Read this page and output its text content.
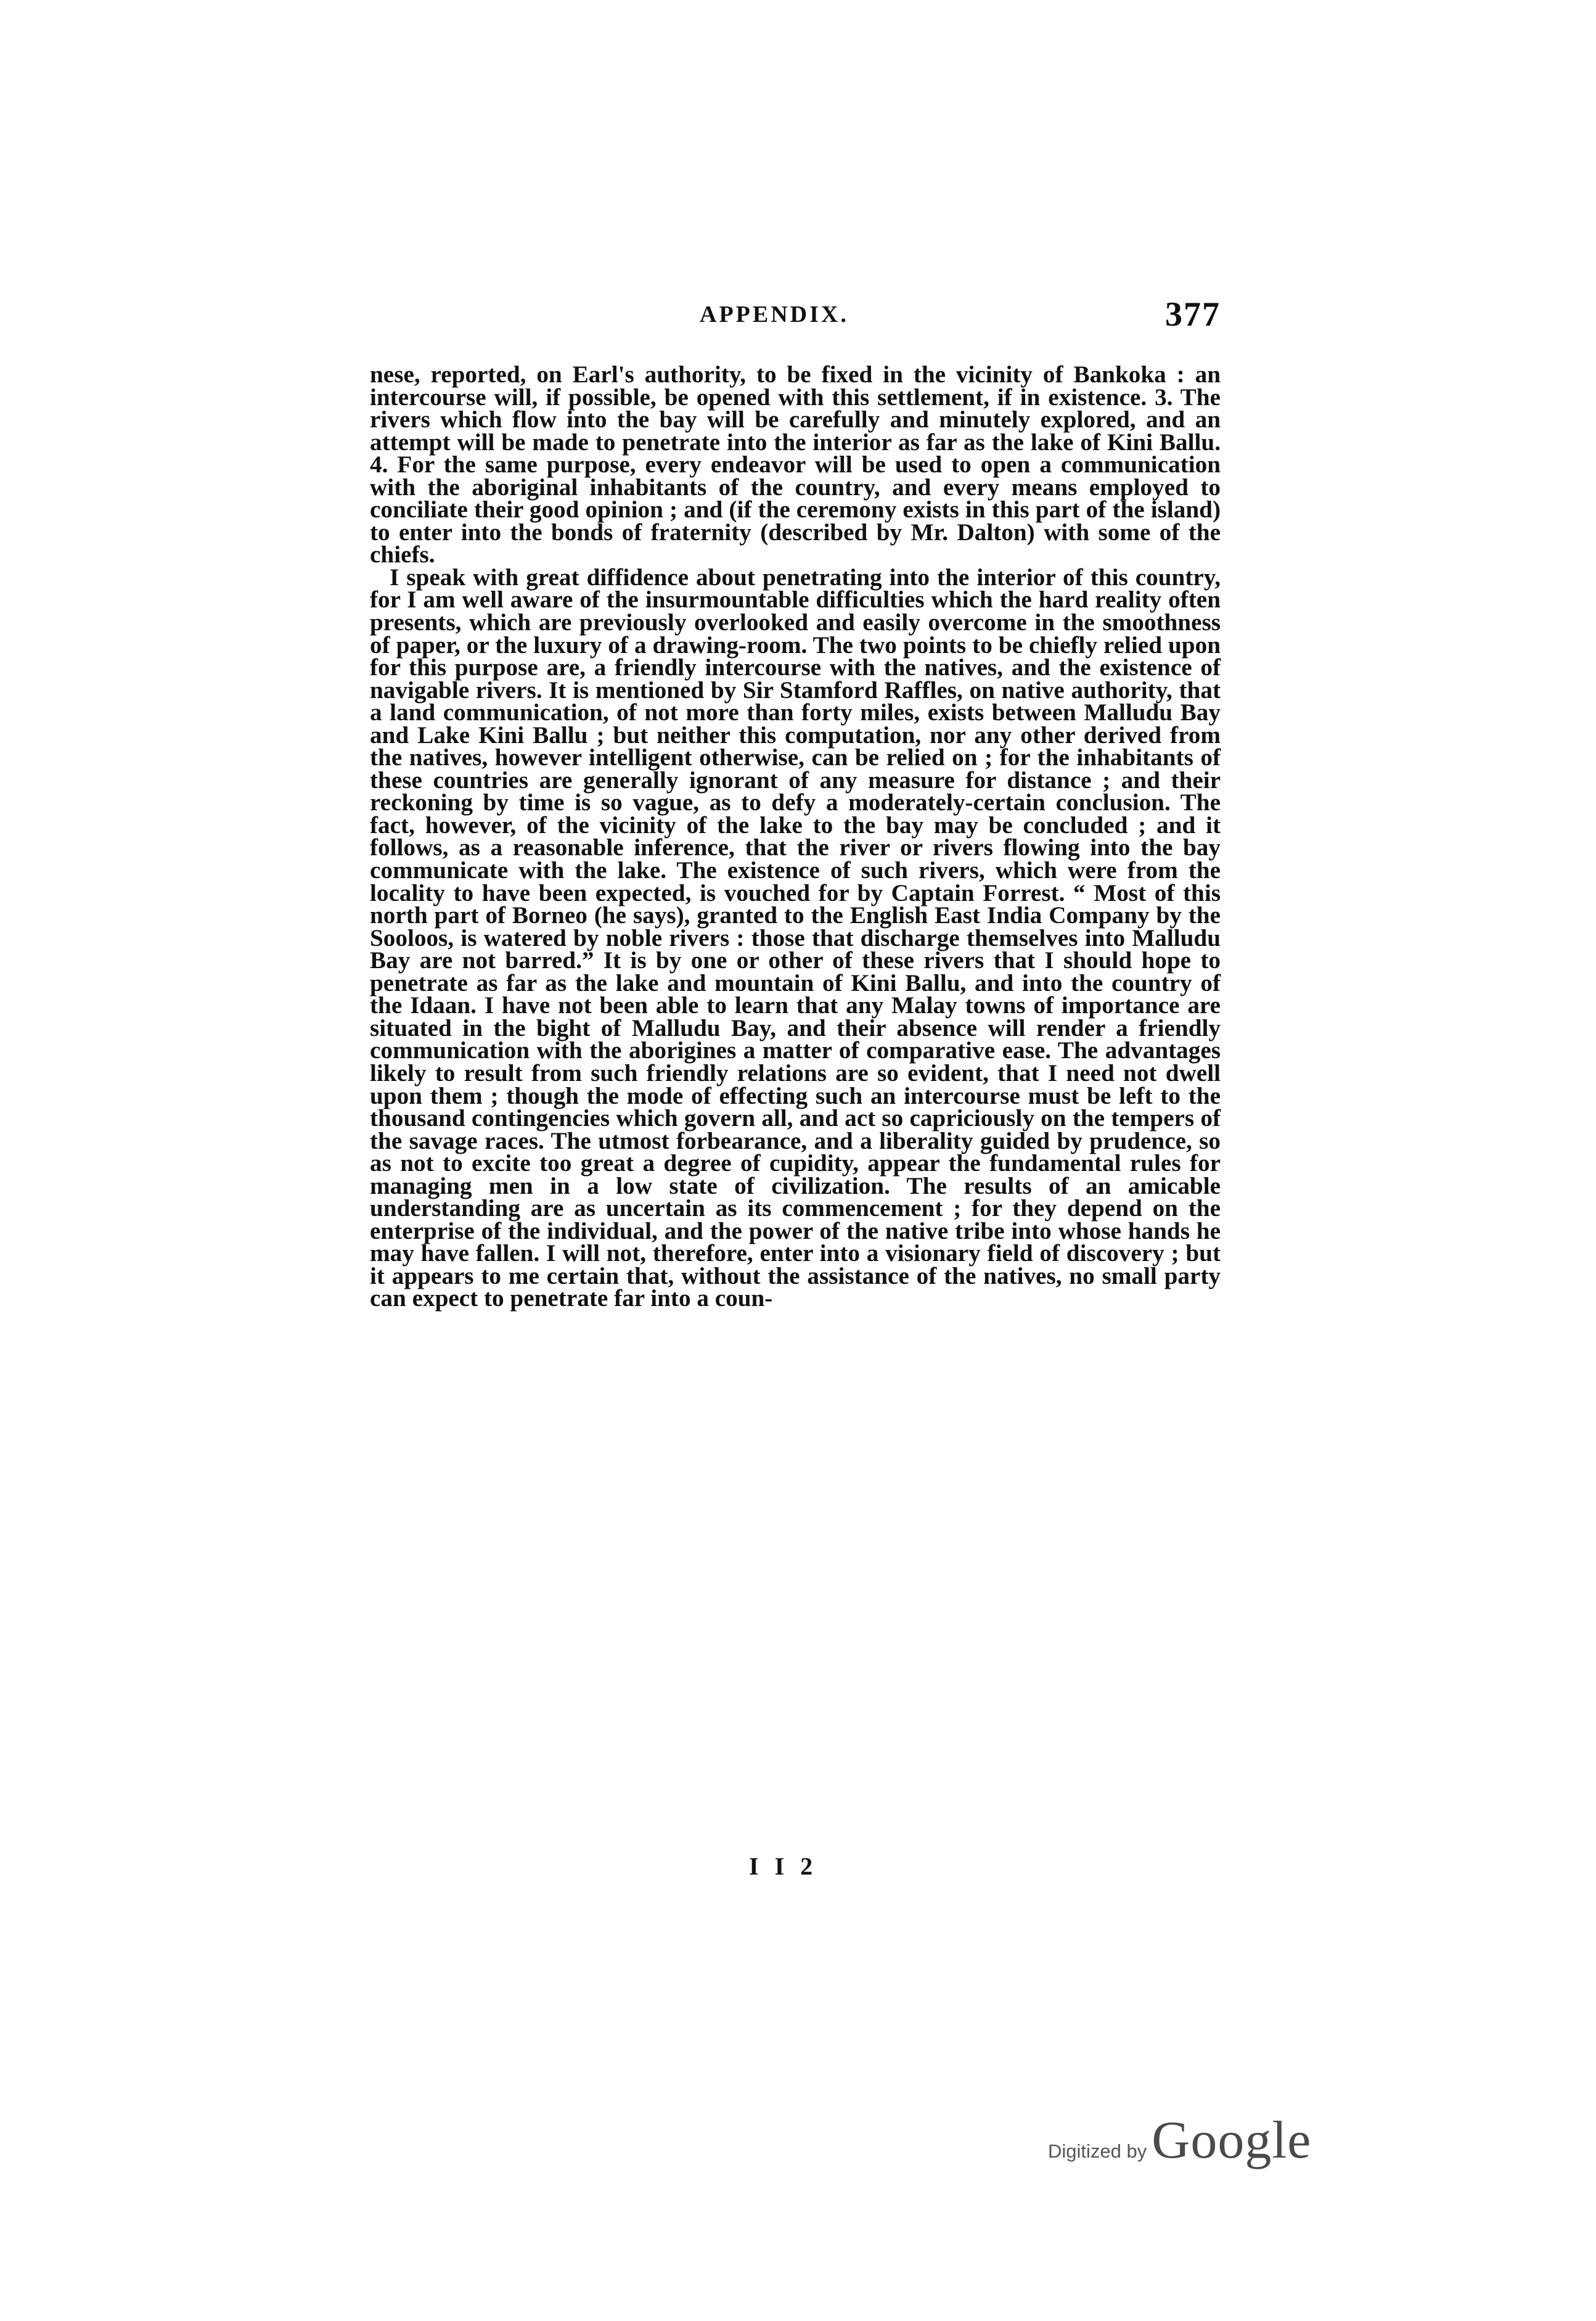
APPENDIX.	377

nese, reported, on Earl's authority, to be fixed in the vicinity of Bankoka : an intercourse will, if possible, be opened with this settlement, if in existence. 3. The rivers which flow into the bay will be carefully and minutely explored, and an attempt will be made to penetrate into the interior as far as the lake of Kini Ballu. 4. For the same purpose, every endeavor will be used to open a communication with the aboriginal inhabitants of the country, and every means employed to conciliate their good opinion ; and (if the ceremony exists in this part of the island) to enter into the bonds of fraternity (described by Mr. Dalton) with some of the chiefs.

I speak with great diffidence about penetrating into the interior of this country, for I am well aware of the insurmountable difficulties which the hard reality often presents, which are previously overlooked and easily overcome in the smoothness of paper, or the luxury of a drawing-room. The two points to be chiefly relied upon for this purpose are, a friendly intercourse with the natives, and the existence of navigable rivers. It is mentioned by Sir Stamford Raffles, on native authority, that a land communication, of not more than forty miles, exists between Malludu Bay and Lake Kini Ballu ; but neither this computation, nor any other derived from the natives, however intelligent otherwise, can be relied on ; for the inhabitants of these countries are generally ignorant of any measure for distance ; and their reckoning by time is so vague, as to defy a moderately-certain conclusion. The fact, however, of the vicinity of the lake to the bay may be concluded ; and it follows, as a reasonable inference, that the river or rivers flowing into the bay communicate with the lake. The existence of such rivers, which were from the locality to have been expected, is vouched for by Captain Forrest. “ Most of this north part of Borneo (he says), granted to the English East India Company by the Sooloos, is watered by noble rivers : those that discharge themselves into Malludu Bay are not barred.” It is by one or other of these rivers that I should hope to penetrate as far as the lake and mountain of Kini Ballu, and into the country of the Idaan. I have not been able to learn that any Malay towns of importance are situated in the bight of Malludu Bay, and their absence will render a friendly communication with the aborigines a matter of comparative ease. The advantages likely to result from such friendly relations are so evident, that I need not dwell upon them ; though the mode of effecting such an intercourse must be left to the thousand contingencies which govern all, and act so capriciously on the tempers of the savage races. The utmost forbearance, and a liberality guided by prudence, so as not to excite too great a degree of cupidity, appear the fundamental rules for managing men in a low state of civilization. The results of an amicable understanding are as uncertain as its commencement ; for they depend on the enterprise of the individual, and the power of the native tribe into whose hands he may have fallen. I will not, therefore, enter into a visionary field of discovery ; but it appears to me certain that, without the assistance of the natives, no small party can expect to penetrate far into a coun-

I I 2
Digitized by Google
